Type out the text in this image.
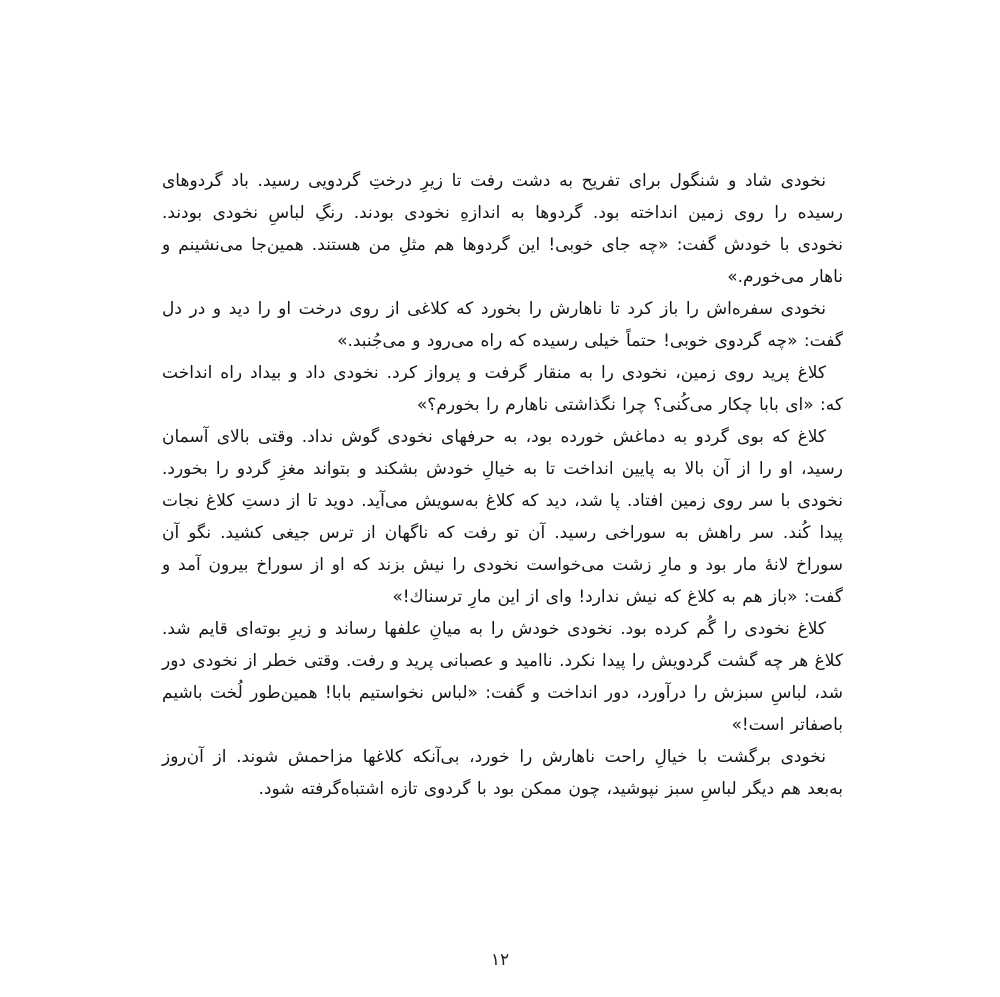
نخودی شاد و شنگول برای تفریح به دشت رفت تا زیرِ درختِ گردویی رسید. باد گردوهای
رسیده را روی زمین انداخته بود. گردوها به اندازهِ نخودی بودند. رنگِ لباسِ نخودی بودند.
نخودی با خودش گفت: «چه جای خوبی! این گردوها هم مثلِ من هستند. همین‌جا می‌نشینم و
ناهار می‌خورم.»
نخودی سفره‌اش را باز کرد تا ناهارش را بخورد که کلاغی از روی درخت او را دید و در دل
گفت: «چه گردوی خوبی! حتماً خیلی رسیده که راه می‌رود و می‌جُنبد.»
کلاغ پرید روی زمین، نخودی را به منقار گرفت و پرواز کرد. نخودی داد و بیداد راه انداخت
که: «ای بابا چکار می‌کُنی؟ چرا نگذاشتی ناهارم را بخورم؟»
کلاغ که بوی گردو به دماغش خورده بود، به حرفهای نخودی گوش نداد. وقتی بالای آسمان
رسید، او را از آن بالا به پایین انداخت تا به خیالِ خودش بشکند و بتواند مغزِ گردو را بخورد.
نخودی با سر روی زمین افتاد. پا شد، دید که کلاغ به‌سویش می‌آید. دوید تا از دستِ کلاغ نجات
پیدا کُند. سر راهش به سوراخی رسید. آن تو رفت که ناگهان از ترس جیغی کشید. نگو آن
سوراخ لانهٔ مار بود و مارِ زشت می‌خواست نخودی را نیش بزند که او از سوراخ بیرون آمد و
گفت: «باز هم به کلاغ که نیش ندارد! وای از این مارِ ترسناك!»
کلاغ نخودی را گُم کرده بود. نخودی خودش را به میانِ علفها رساند و زیرِ بوته‌ای قایم شد.
کلاغ هر چه گشت گردویش را پیدا نکرد. ناامید و عصبانی پرید و رفت. وقتی خطر از نخودی دور
شد، لباسِ سبزش را درآورد، دور انداخت و گفت: «لباس نخواستیم بابا! همین‌طور لُخت باشیم
باصفاتر است!»
نخودی برگشت با خیالِ راحت ناهارش را خورد، بی‌آنکه کلاغها مزاحمش شوند. از آن‌روز
به‌بعد هم دیگر لباسِ سبز نپوشید، چون ممکن بود با گردوی تازه اشتباه‌گرفته شود.
۱۲
